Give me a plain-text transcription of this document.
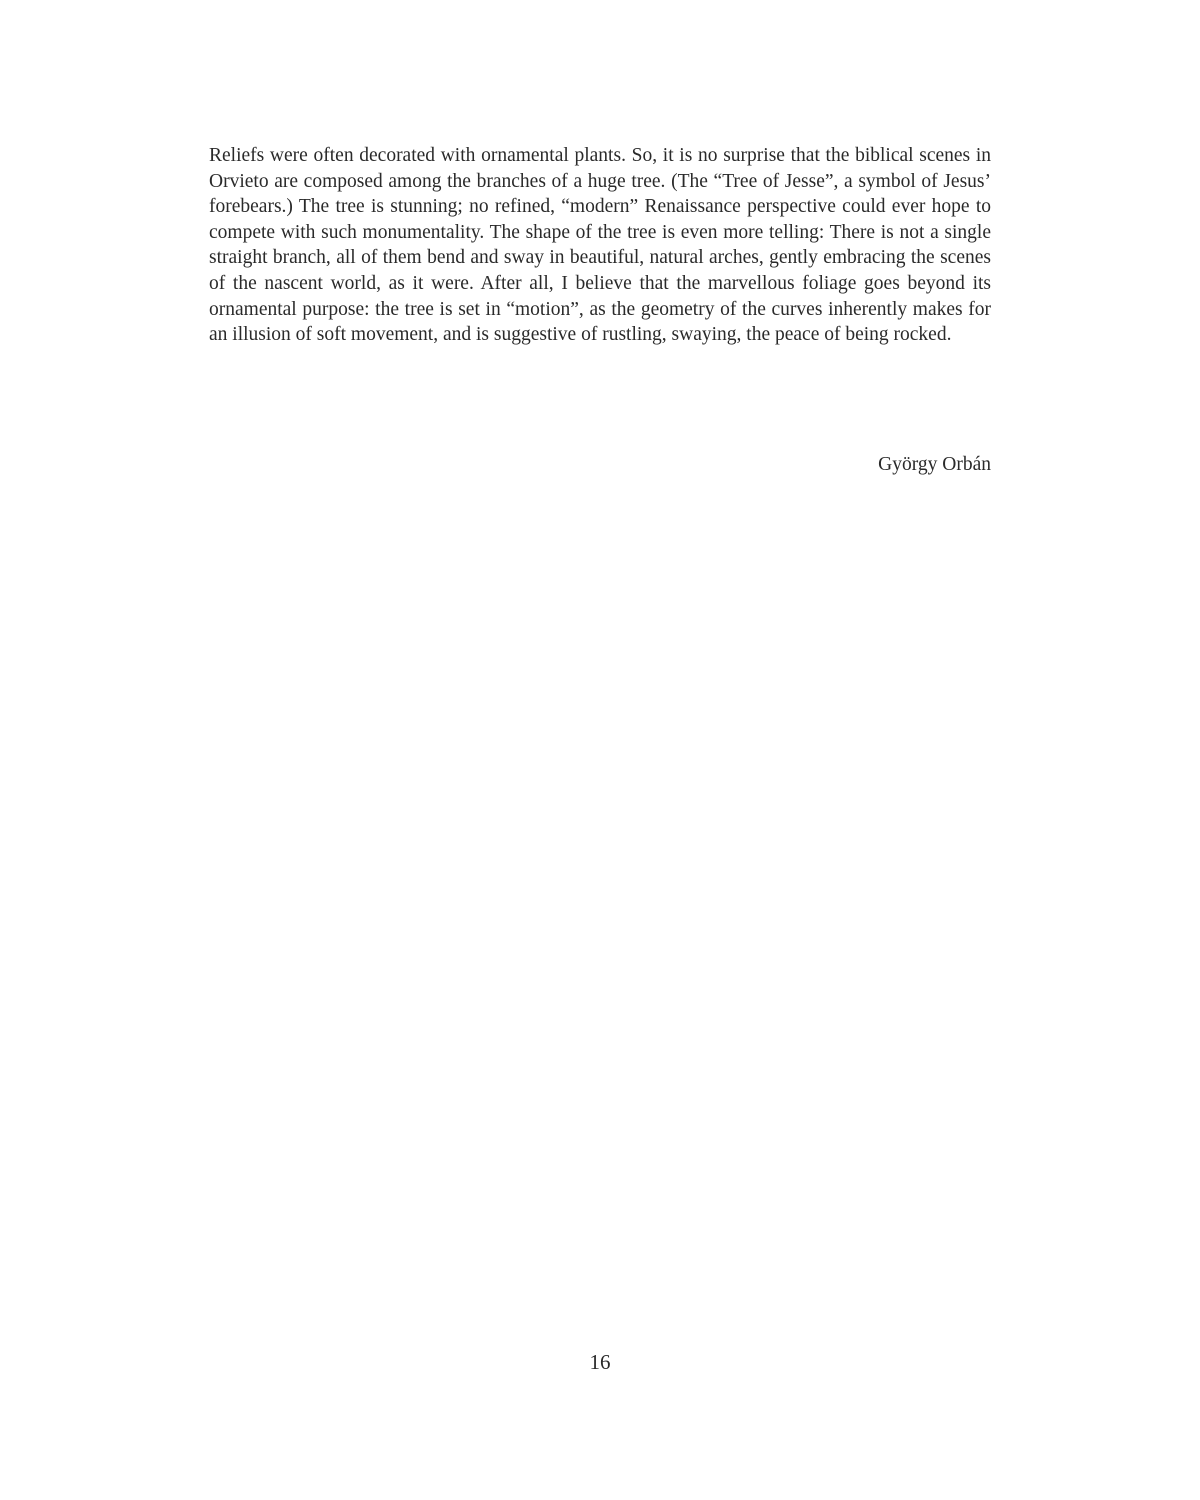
Reliefs were often decorated with ornamental plants. So, it is no surprise that the biblical scenes in Orvieto are composed among the branches of a huge tree. (The “Tree of Jesse”, a symbol of Jesus’ forebears.) The tree is stunning; no refined, “modern” Renaissance perspective could ever hope to compete with such monumentality. The shape of the tree is even more telling: There is not a single straight branch, all of them bend and sway in beautiful, natural arches, gently embracing the scenes of the nascent world, as it were. After all, I believe that the marvellous foliage goes beyond its ornamental purpose: the tree is set in “motion”, as the geometry of the curves inherently makes for an illusion of soft movement, and is suggestive of rustling, swaying, the peace of being rocked.

György Orbán

16
